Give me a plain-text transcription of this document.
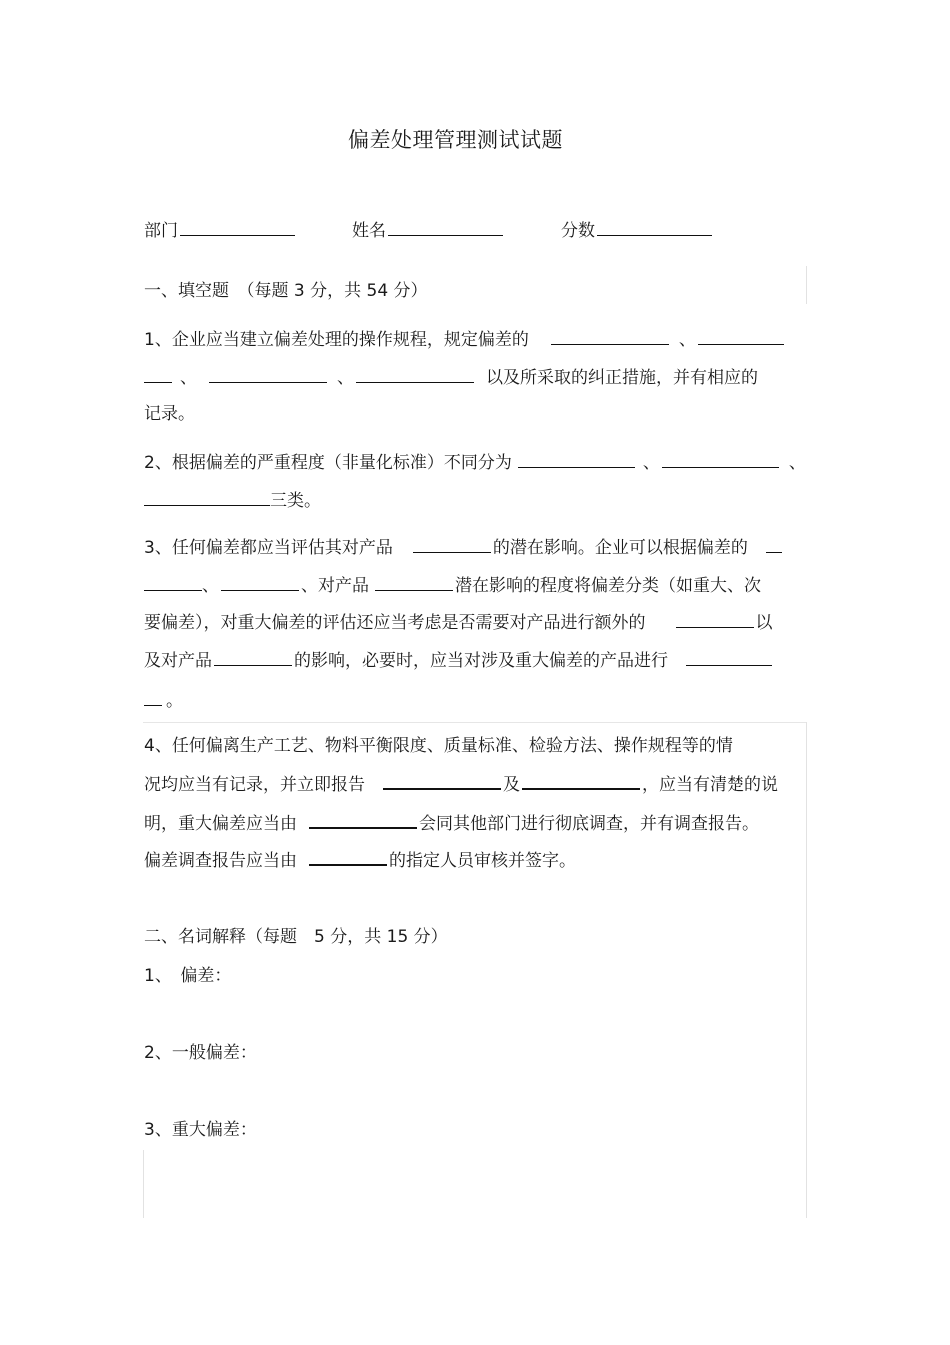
偏差处理管理测试试题
部门	姓名	分数
一、填空题　（每题 3 分，共 54 分）
1、企业应当建立偏差处理的操作规程，规定偏差的	、
、	、	以及所采取的纠正措施，并有相应的
记录。
2、根据偏差的严重程度（非量化标准）不同分为	、	、
三类。
3、任何偏差都应当评估其对产品	的潜在影响。企业可以根据偏差的
、	、对产品	潜在影响的程度将偏差分类（如重大、次
要偏差），对重大偏差的评估还应当考虑是否需要对产品进行额外的	以
及对产品	的影响，必要时，应当对涉及重大偏差的产品进行
。
4、任何偏离生产工艺、物料平衡限度、质量标准、检验方法、操作规程等的情
况均应当有记录，并立即报告	及	，应当有清楚的说
明，重大偏差应当由	会同其他部门进行彻底调查，并有调查报告。
偏差调查报告应当由	的指定人员审核并签字。
二、名词解释（每题　5 分，共 15 分）
1、　偏差：
2、一般偏差：
3、重大偏差：
